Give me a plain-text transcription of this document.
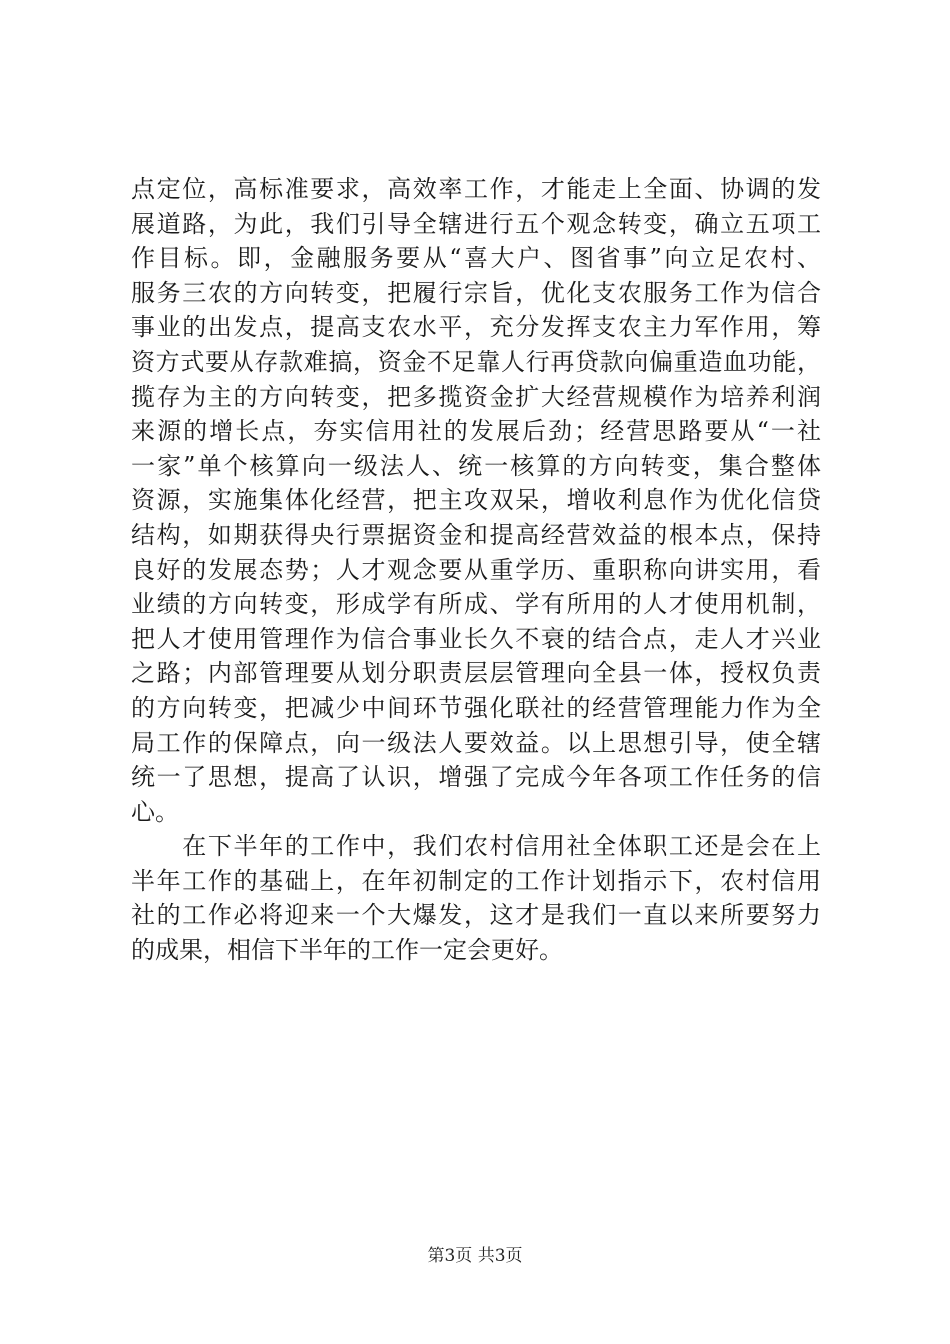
点定位，高标准要求，高效率工作，才能走上全面、协调的发
展道路，为此，我们引导全辖进行五个观念转变，确立五项工
作目标。即，金融服务要从“喜大户、图省事”向立足农村、
服务三农的方向转变，把履行宗旨，优化支农服务工作为信合
事业的出发点，提高支农水平，充分发挥支农主力军作用，筹
资方式要从存款难搞，资金不足靠人行再贷款向偏重造血功能，
揽存为主的方向转变，把多揽资金扩大经营规模作为培养利润
来源的增长点，夯实信用社的发展后劲；经营思路要从“一社
一家”单个核算向一级法人、统一核算的方向转变，集合整体
资源，实施集体化经营，把主攻双呆，增收利息作为优化信贷
结构，如期获得央行票据资金和提高经营效益的根本点，保持
良好的发展态势；人才观念要从重学历、重职称向讲实用，看
业绩的方向转变，形成学有所成、学有所用的人才使用机制，
把人才使用管理作为信合事业长久不衰的结合点，走人才兴业
之路；内部管理要从划分职责层层管理向全县一体，授权负责
的方向转变，把减少中间环节强化联社的经营管理能力作为全
局工作的保障点，向一级法人要效益。以上思想引导，使全辖
统一了思想，提高了认识，增强了完成今年各项工作任务的信
心。
　　在下半年的工作中，我们农村信用社全体职工还是会在上
半年工作的基础上，在年初制定的工作计划指示下，农村信用
社的工作必将迎来一个大爆发，这才是我们一直以来所要努力
的成果，相信下半年的工作一定会更好。
第3页 共3页
